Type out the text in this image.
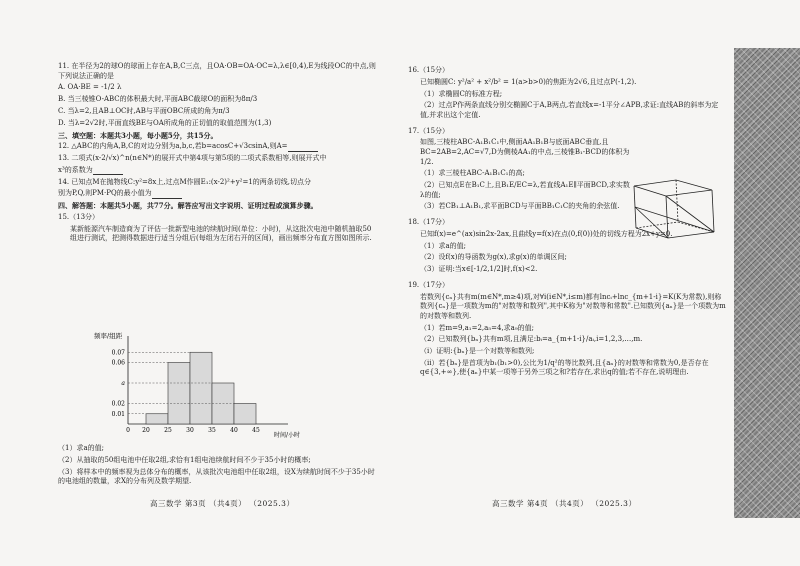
11. 在半径为2的球O的球面上存在A,B,C三点，且OA·OB=OA·OC=λ,λ∈[0,4),E为线段OC的中点,则下列说法正确的是

A. OA·BE = -1/2 λ

B. 当三棱锥O-ABC的体积最大时,平面ABC截球O的面积为8π/3

C. 当λ=2,且AB⊥OC时,AB与平面OBC所成的角为π/3

D. 当λ=2√2时,平面直线BE与OA所成角的正切值的取值范围为(1,3)

三、填空题：本题共3小题，每小题5分，共15分。

12. △ABC的内角A,B,C的对边分别为a,b,c,若b=acosC+√3csinA,则A=

13. 二项式(x-2/√x)^n(n∈N*)的展开式中第4项与第5项的二项式系数相等,则展开式中

x³的系数为

14. 已知点M在抛物线C:y²=8x上,过点M作圆E₁:(x-2)²+y²=1的两条切线,切点分

别为P,Q,则PM·PQ的最小值为

四、解答题：本题共5小题，共77分。解答应写出文字说明、证明过程或演算步骤。

15.（13分）

某新能源汽车制造商为了评估一批新型电池的续航时间(单位：小时)，从这批次电池中随机抽取50组进行测试，把测得数据进行适当分组后(每组为左闭右开的区间)，画出频率分布直方图如图所示.

频率/组距
时间/小时
0.01
0.02
a
0.06
0.07
0 20 25 30 35 40 45

（1）求a的值;

（2）从抽取的50组电池中任取2组,求恰有1组电池续航时间不少于35小时的概率;

（3）将样本中的频率视为总体分布的概率，从该批次电池组中任取2组，设X为续航时间不少于35小时的电池组的数量，求X的分布列及数学期望.

16.（15分）

已知椭圆C: y²/a² + x²/b² = 1(a>b>0)的焦距为2√6,且过点P(-1,2).

（1）求椭圆C的标准方程;

（2）过点P作两条直线分别交椭圆C于A,B两点,若直线x=-1平分∠APB,求证:直线AB的斜率为定值,并求出这个定值.

17.（15分）

如图,三棱柱ABC-A₁B₁C₁中,侧面AA₁B₁B与底面ABC垂直,且BC=2AB=2,AC=√7,D为侧棱AA₁的中点,三棱锥B₁-BCD的体积为1/2.

（1）求三棱柱ABC-A₁B₁C₁的高;

（2）已知点E在B₁C上,且B₁E/EC=λ,若直线A₁E∥平面BCD,求实数λ的值;

（3）若CB₁⊥A₁B₁,求平面BCD与平面BB₁C₁C的夹角的余弦值.

18.（17分）

已知f(x)=e^(ax)sin2x-2ax,且曲线y=f(x)在点(0,f(0))处的切线方程为2x+y=0.

（1）求a的值;

（2）设f(x)的导函数为g(x),求g(x)的单调区间;

（3）证明:当x∈[-1/2,1/2]时,f(x)<2.

19.（17分）

若数列{cₙ}共有m(m∈N*,m≥4)项,对∀i(i∈N*,i≤m)都有lncᵢ+lnc_{m+1-i}=K(K为常数),则称数列{cₙ}是一项数为m的"对数等和数列",其中K称为"对数等和常数".已知数列{aₙ}是一个项数为m的对数等和数列.

（1）若m=9,a₁=2,a₅=4,求a₉的值;

（2）已知数列{bₙ}共有m项,且满足:bᵢ=a_{m+1-i}/aᵢ,i=1,2,3,…,m.

（i）证明:{bₙ}是一个对数等和数列;

（ii）若{bₙ}是首项为b₁(b₁>0),公比为1/q²的等比数列,且{aₙ}的对数等和常数为0,是否存在q∈{3,+∞},使{aₙ}中某一项等于另外三项之和?若存在,求出q的值;若不存在,说明理由.

高三数学 第3页 （共4页） （2025.3）	高三数学 第4页 （共4页） （2025.3）
